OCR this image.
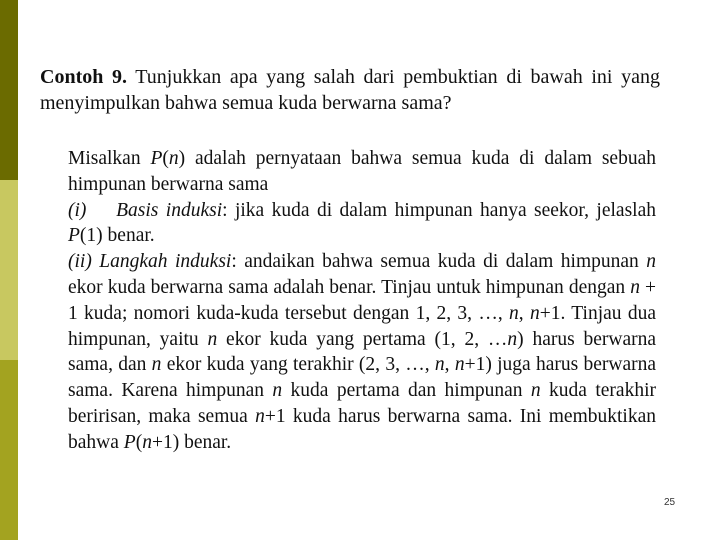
Contoh 9. Tunjukkan apa yang salah dari pembuktian di bawah ini yang menyimpulkan bahwa semua kuda berwarna sama?

Misalkan P(n) adalah pernyataan bahwa semua kuda di dalam sebuah himpunan berwarna sama

(i) Basis induksi: jika kuda di dalam himpunan hanya seekor, jelaslah P(1) benar.

(ii) Langkah induksi: andaikan bahwa semua kuda di dalam himpunan n ekor kuda berwarna sama adalah benar. Tinjau untuk himpunan dengan n + 1 kuda; nomori kuda-kuda tersebut dengan 1, 2, 3, …, n, n+1. Tinjau dua himpunan, yaitu n ekor kuda yang pertama (1, 2, …n) harus berwarna sama, dan n ekor kuda yang terakhir (2, 3, …, n, n+1) juga harus berwarna sama. Karena himpunan n kuda pertama dan himpunan n kuda terakhir beririsan, maka semua n+1 kuda harus berwarna sama. Ini membuktikan bahwa P(n+1) benar.

25
